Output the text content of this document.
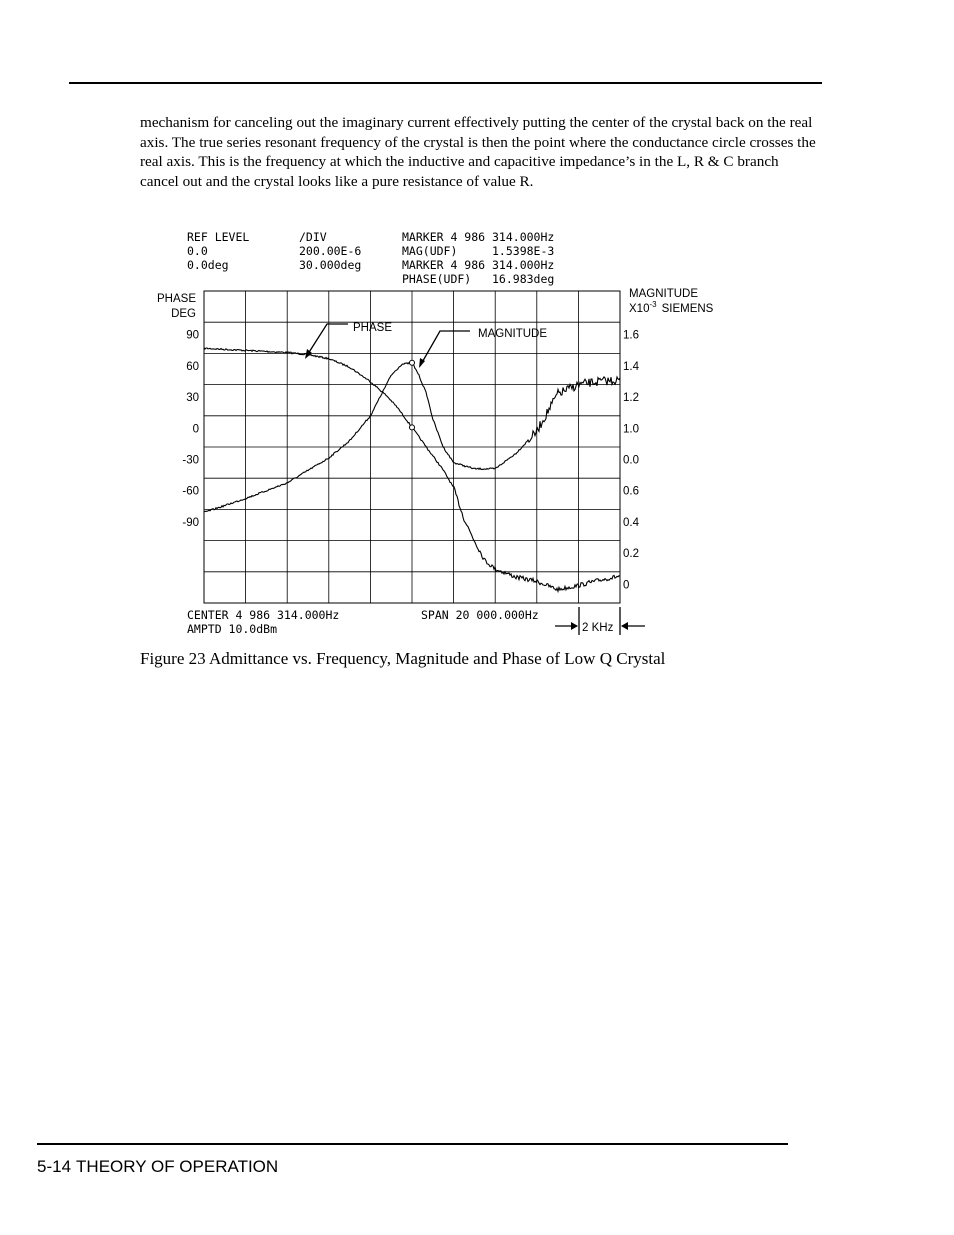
mechanism for canceling out the imaginary current effectively putting the center of the crystal back on the real axis. The true series resonant frequency of the crystal is then the point where the conductance circle crosses the real axis. This is the frequency at which the inductive and capacitive impedance’s in the L, R & C branch cancel out and the crystal looks like a pure resistance of value R.

REF LEVEL	/DIV	MARKER 4 986 314.000Hz
0.0	200.00E-6	MAG(UDF)     1.5398E-3
0.0deg	30.000deg	MARKER 4 986 314.000Hz
PHASE(UDF)   16.983deg
CENTER 4 986 314.000Hz	SPAN 20 000.000Hz
AMPTD 10.0dBm
PHASE
DEG
MAGNITUDE
$X10^{-3}$ SIEMENS
PHASE	MAGNITUDE
2 KHz
90
60
30
0
-30
-60
-90
1.6
1.4
1.2
1.0
0.0
0.6
0.4
0.2
0

Figure 23 Admittance vs. Frequency, Magnitude and Phase of Low Q Crystal

5-14 THEORY OF OPERATION
